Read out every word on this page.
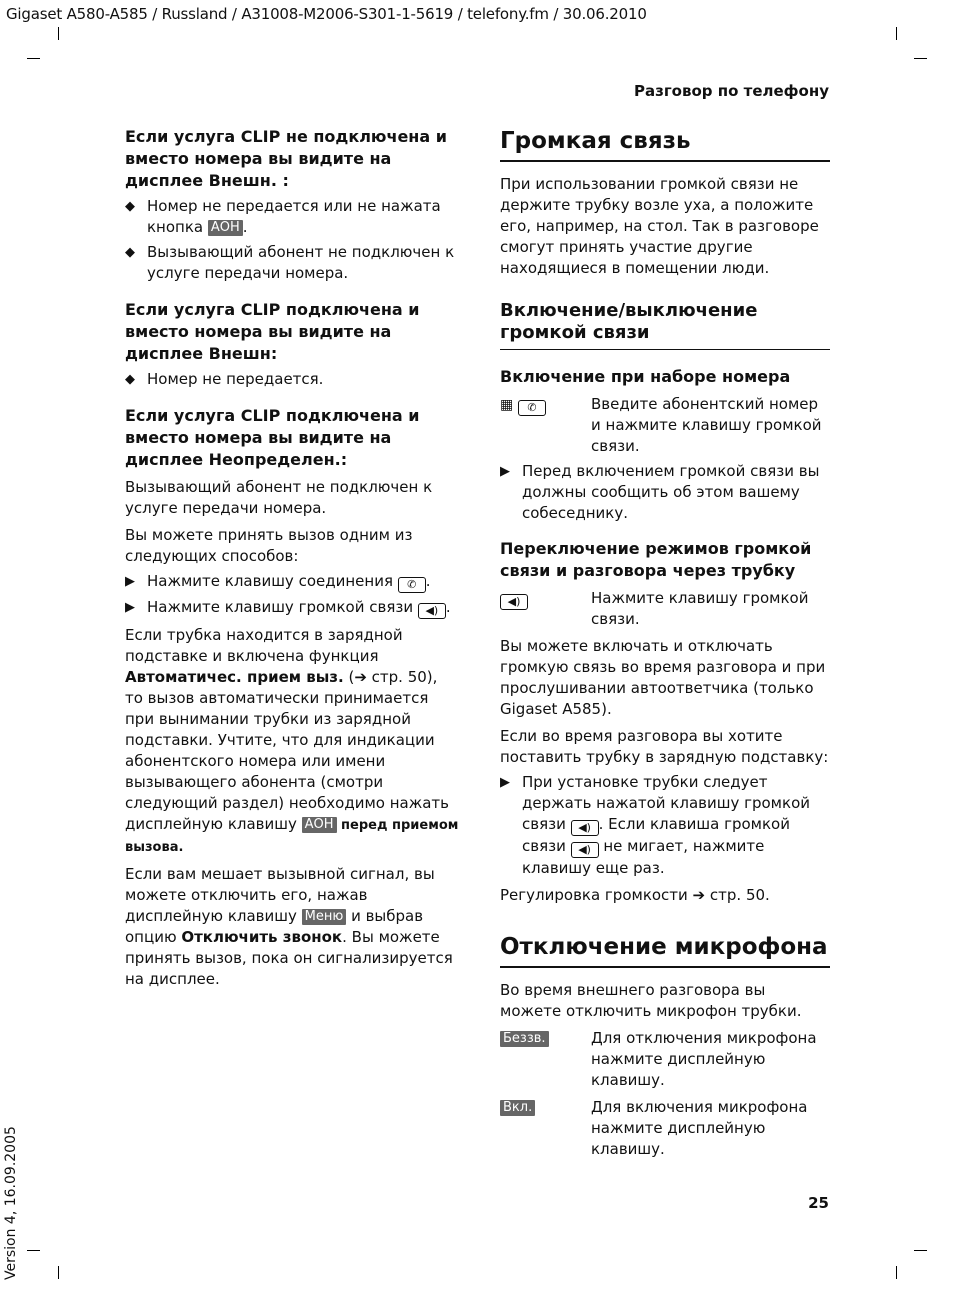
Gigaset A580-A585 / Russland / A31008-M2006-S301-1-5619 / telefony.fm / 30.06.2010
Разговор по телефону
Если услуга CLIP не подключена и вместо номера вы видите на дисплее Внешн. :
◆ Номер не передается или не нажата кнопка АОН .
◆ Вызывающий абонент не подключен к услуге передачи номера.
Если услуга CLIP подключена и вместо номера вы видите на дисплее Внешн:
◆ Номер не передается.
Если услуга CLIP подключена и вместо номера вы видите на дисплее Неопределен.:
Вызывающий абонент не подключен к услуге передачи номера.
Вы можете принять вызов одним из следующих способов:
▶ Нажмите клавишу соединения ✆ .
▶ Нажмите клавишу громкой связи ◀) .
Если трубка находится в зарядной подставке и включена функция Автоматичес. прием выз. (➔ стр. 50), то вызов автоматически принимается при вынимании трубки из зарядной подставки. Учтите, что для индикации абонентского номера или имени вызывающего абонента (смотри следующий раздел) необходимо нажать дисплейную клавишу АОН перед приемом вызова.
Если вам мешает вызывной сигнал, вы можете отключить его, нажав дисплейную клавишу Меню и выбрав опцию Отключить звонок. Вы можете принять вызов, пока он сигнализируется на дисплее.
Громкая связь
При использовании громкой связи не держите трубку возле уха, а положите его, например, на стол. Так в разговоре смогут принять участие другие находящиеся в помещении люди.
Включение/выключение громкой связи
Включение при наборе номера
▦ ✆	Введите абонентский номер и нажмите клавишу громкой связи.
▶ Перед включением громкой связи вы должны сообщить об этом вашему собеседнику.
Переключение режимов громкой связи и разговора через трубку
◀)	Нажмите клавишу громкой связи.
Вы можете включать и отключать громкую связь во время разговора и при прослушивании автоответчика (только Gigaset A585).
Если во время разговора вы хотите поставить трубку в зарядную подставку:
▶ При установке трубки следует держать нажатой клавишу громкой связи ◀) . Если клавиша громкой связи ◀) не мигает, нажмите клавишу еще раз.
Регулировка громкости ➔ стр. 50.
Отключение микрофона
Во время внешнего разговора вы можете отключить микрофон трубки.
Беззв.	Для отключения микрофона нажмите дисплейную клавишу.
Вкл.	Для включения микрофона нажмите дисплейную клавишу.
25
Version 4, 16.09.2005
